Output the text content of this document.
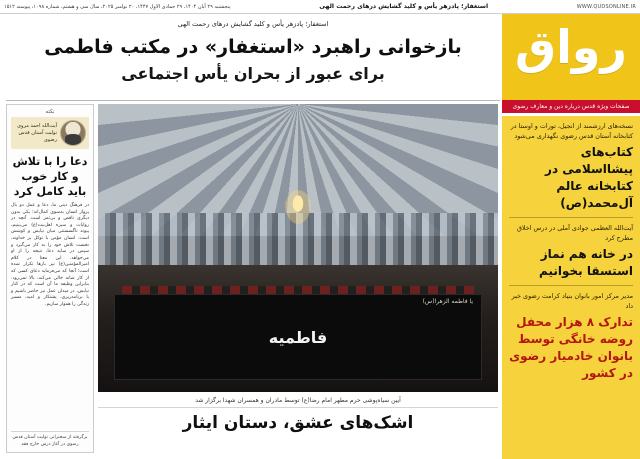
WWW.QUDSONLINE.IR
استغفار؛ پادزهر یأس و کلید گشایش درهای رحمت الهی
پنجشنبه ۲۹ آبان ۱۴۰۴، ۲۹ جمادی الاول ۱۴۴۷، ۲۰ نوامبر ۲۰۲۵، سال سی و هشتم، شماره ۱۰۹۸، پیوسته ۱۵۱۲
رواق
صفحات ویژه قدس درباره دین و معارف رضوی
استغفار؛ پادزهر یأس و کلید گشایش درهای رحمت الهی
بازخوانی راهبرد «استغفار» در مکتب فاطمی
برای عبور از بحران یأس اجتماعی
نکته
آیت‌الله احمد مروی تولیت آستان قدس رضوی
دعا را با تلاش و کار خوب باید کامل کرد
در فرهنگ دینی ما، دعا و عمل دو بال پرواز انسان به‌سوی کمال‌اند؛ یکی بدون دیگری ناقص و بی‌ثمر است. آنچه در روایات و سیره اهل‌بیت(ع) می‌بینیم، پیوند ناگسستنی میان نیایش و کوشش است. انسان مؤمن با توکل بر خداوند، نخست تلاش خود را به کار می‌گیرد و سپس در سایه دعا، نتیجه را از او می‌خواهد. این معنا در کلام امیرالمؤمنین(ع) نیز بارها تکرار شده است؛ آنجا که می‌فرماید دعای کسی که از کار شانه خالی می‌کند، بالا نمی‌رود. بنابراین وظیفه ما آن است که در کنار نیایش، در میدان عمل نیز حاضر باشیم و با برنامه‌ریزی، پشتکار و امید، مسیر زندگی را هموار سازیم.
برگرفته از سخنرانی تولیت آستان قدس رضوی در آغاز درس خارج فقه
یا فاطمه الزهرا(س)
فاطمیه
آیین سیاه‌پوشی حرم مطهر امام رضا(ع) توسط مادران و همسران شهدا برگزار شد
اشک‌های عشق، دستان ایثار
نسخه‌های ارزشمند از انجیل، تورات و اوستا در کتابخانه آستان قدس رضوی نگهداری می‌شود
کتاب‌های پیشااسلامی در کتابخانه عالم آل‌محمد(ص)
آیت‌الله العظمی جوادی آملی در درس اخلاق مطرح کرد
در خانه هم نماز استسقا بخوانیم
مدیر مرکز امور بانوان بنیاد کرامت رضوی خبر داد
تدارک ۸ هزار محفل روضه خانگی توسط بانوان خادمیار رضوی در کشور
